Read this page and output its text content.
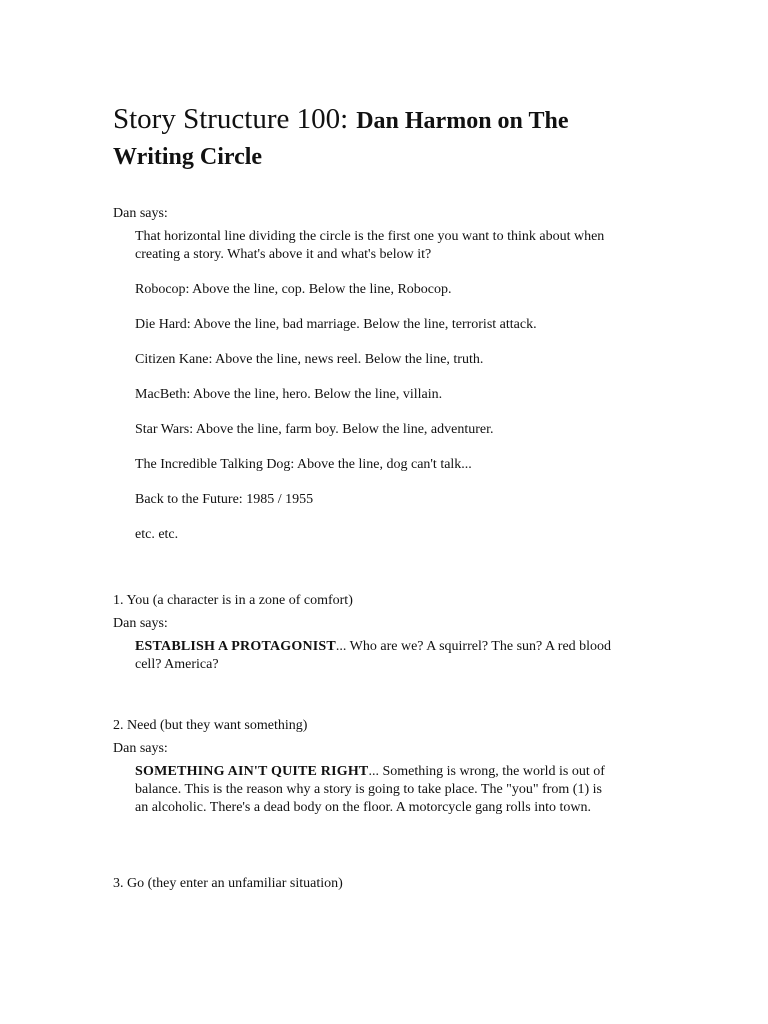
Story Structure 100: Dan Harmon on The
Writing Circle
Dan says:

That horizontal line dividing the circle is the first one you want to think about when creating a story. What's above it and what's below it?

Robocop: Above the line, cop. Below the line, Robocop.

Die Hard: Above the line, bad marriage. Below the line, terrorist attack.

Citizen Kane: Above the line, news reel. Below the line, truth.

MacBeth: Above the line, hero. Below the line, villain.

Star Wars: Above the line, farm boy. Below the line, adventurer.

The Incredible Talking Dog: Above the line, dog can't talk...

Back to the Future: 1985 / 1955

etc. etc.

1. You (a character is in a zone of comfort)
Dan says:
ESTABLISH A PROTAGONIST... Who are we? A squirrel? The sun? A red blood cell? America?
2. Need (but they want something)
Dan says:
SOMETHING AIN'T QUITE RIGHT... Something is wrong, the world is out of balance. This is the reason why a story is going to take place. The "you" from (1) is an alcoholic. There's a dead body on the floor. A motorcycle gang rolls into town.
3. Go (they enter an unfamiliar situation)
